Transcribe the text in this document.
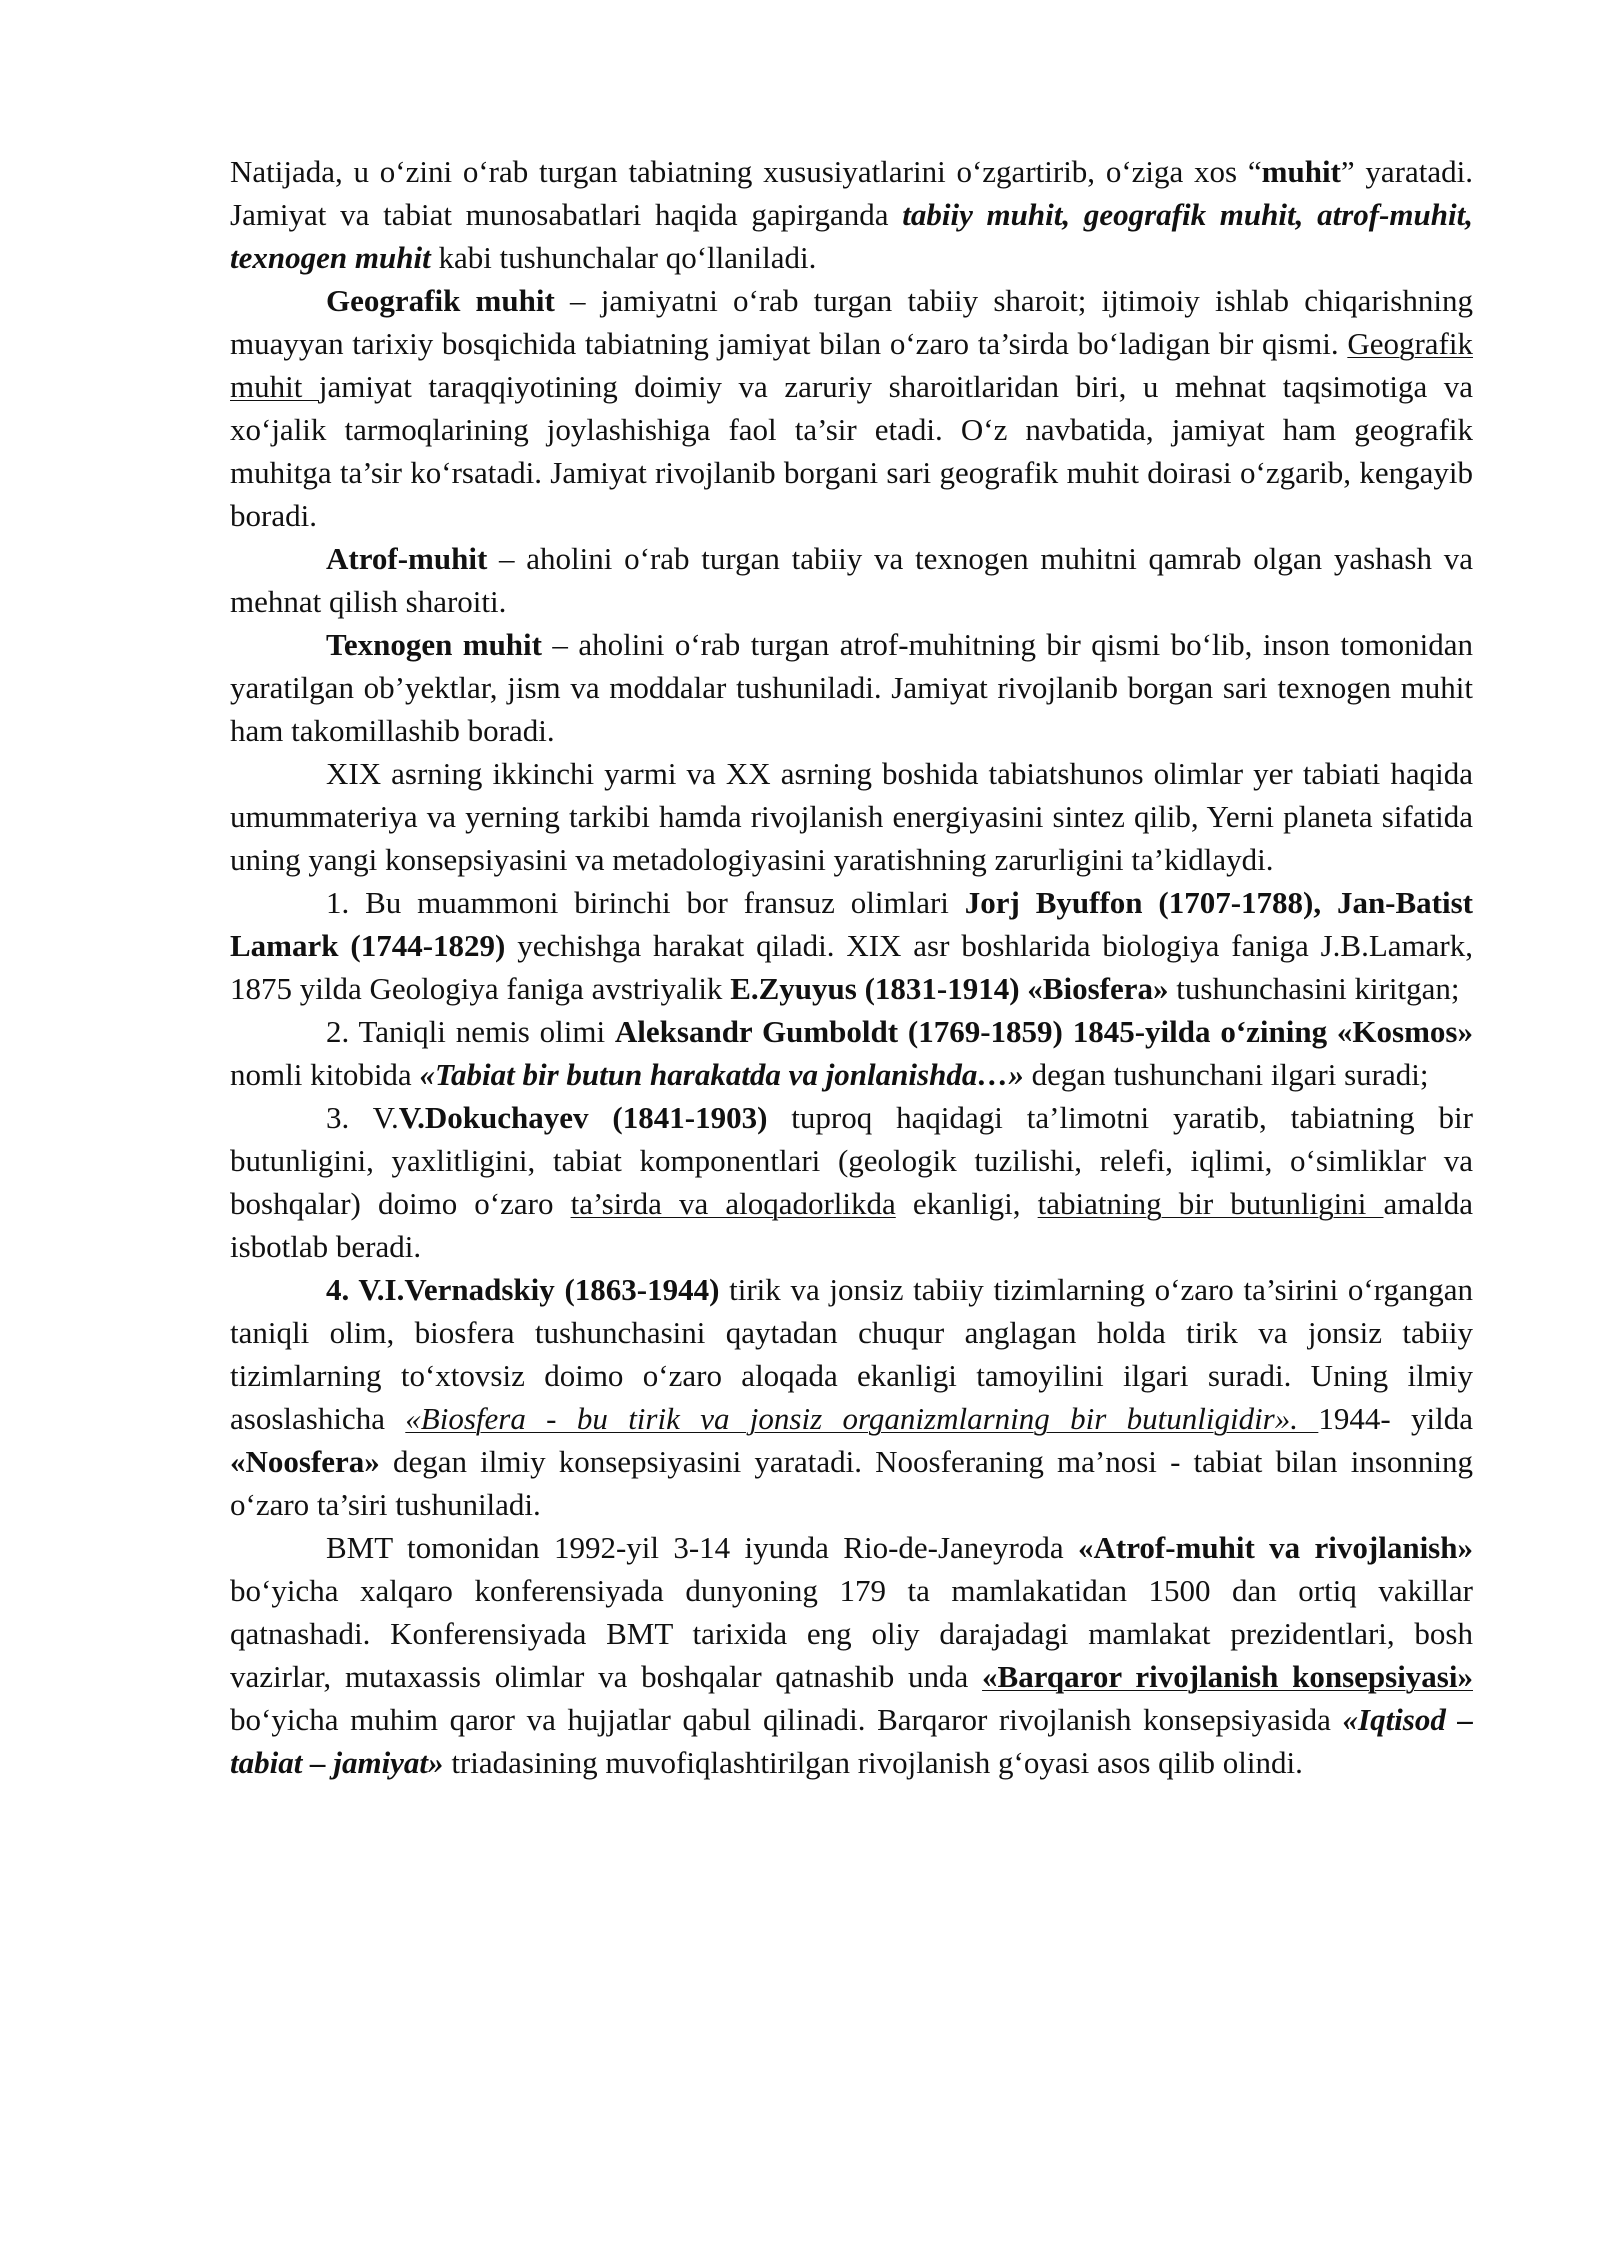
Natijada, u o‘zini o‘rab turgan tabiatning xususiyatlarini o‘zgartirib, o‘ziga xos “muhit” yaratadi. Jamiyat va tabiat munosabatlari haqida gapirganda tabiiy muhit, geografik muhit, atrof-muhit, texnogen muhit kabi tushunchalar qo‘llaniladi.

Geografik muhit – jamiyatni o‘rab turgan tabiiy sharoit; ijtimoiy ishlab chiqarishning muayyan tarixiy bosqichida tabiatning jamiyat bilan o‘zaro ta’sirda bo‘ladigan bir qismi. Geografik muhit jamiyat taraqqiyotining doimiy va zaruriy sharoitlaridan biri, u mehnat taqsimotiga va xo‘jalik tarmoqlarining joylashishiga faol ta’sir etadi. O‘z navbatida, jamiyat ham geografik muhitga ta’sir ko‘rsatadi. Jamiyat rivojlanib borgani sari geografik muhit doirasi o‘zgarib, kengayib boradi.

Atrof-muhit – aholini o‘rab turgan tabiiy va texnogen muhitni qamrab olgan yashash va mehnat qilish sharoiti.

Texnogen muhit – aholini o‘rab turgan atrof-muhitning bir qismi bo‘lib, inson tomonidan yaratilgan ob’yektlar, jism va moddalar tushuniladi. Jamiyat rivojlanib borgan sari texnogen muhit ham takomillashib boradi.

XIX asrning ikkinchi yarmi va XX asrning boshida tabiatshunos olimlar yer tabiati haqida umummateriya va yerning tarkibi hamda rivojlanish energiyasini sintez qilib, Yerni planeta sifatida uning yangi konsepsiyasini va metadologiyasini yaratishning zarurligini ta’kidlaydi.

1. Bu muammoni birinchi bor fransuz olimlari Jorj Byuffon (1707-1788), Jan-Batist Lamark (1744-1829) yechishga harakat qiladi. XIX asr boshlarida biologiya faniga J.B.Lamark, 1875 yilda Geologiya faniga avstriyalik E.Zyuyus (1831-1914) «Biosfera» tushunchasini kiritgan;

2. Taniqli nemis olimi Aleksandr Gumboldt (1769-1859) 1845-yilda o‘zining «Kosmos» nomli kitobida «Tabiat bir butun harakatda va jonlanishda…» degan tushunchani ilgari suradi;

3. V.V.Dokuchayev (1841-1903) tuproq haqidagi ta’limotni yaratib, tabiatning bir butunligini, yaxlitligini, tabiat komponentlari (geologik tuzilishi, relefi, iqlimi, o‘simliklar va boshqalar) doimo o‘zaro ta’sirda va aloqadorlikda ekanligi, tabiatning bir butunligini amalda isbotlab beradi.

4. V.I.Vernadskiy (1863-1944) tirik va jonsiz tabiiy tizimlarning o‘zaro ta’sirini o‘rgangan taniqli olim, biosfera tushunchasini qaytadan chuqur anglagan holda tirik va jonsiz tabiiy tizimlarning to‘xtovsiz doimo o‘zaro aloqada ekanligi tamoyilini ilgari suradi. Uning ilmiy asoslashicha «Biosfera - bu tirik va jonsiz organizmlarning bir butunligidir». 1944- yilda «Noosfera» degan ilmiy konsepsiyasini yaratadi. Noosferaning ma’nosi - tabiat bilan insonning o‘zaro ta’siri tushuniladi.

BMT tomonidan 1992-yil 3-14 iyunda Rio-de-Janeyroda «Atrof-muhit va rivojlanish» bo‘yicha xalqaro konferensiyada dunyoning 179 ta mamlakatidan 1500 dan ortiq vakillar qatnashadi. Konferensiyada BMT tarixida eng oliy darajadagi mamlakat prezidentlari, bosh vazirlar, mutaxassis olimlar va boshqalar qatnashib unda «Barqaror rivojlanish konsepsiyasi» bo‘yicha muhim qaror va hujjatlar qabul qilinadi. Barqaror rivojlanish konsepsiyasida «Iqtisod – tabiat – jamiyat» triadasining muvofiqlashtirilgan rivojlanish g‘oyasi asos qilib olindi.
